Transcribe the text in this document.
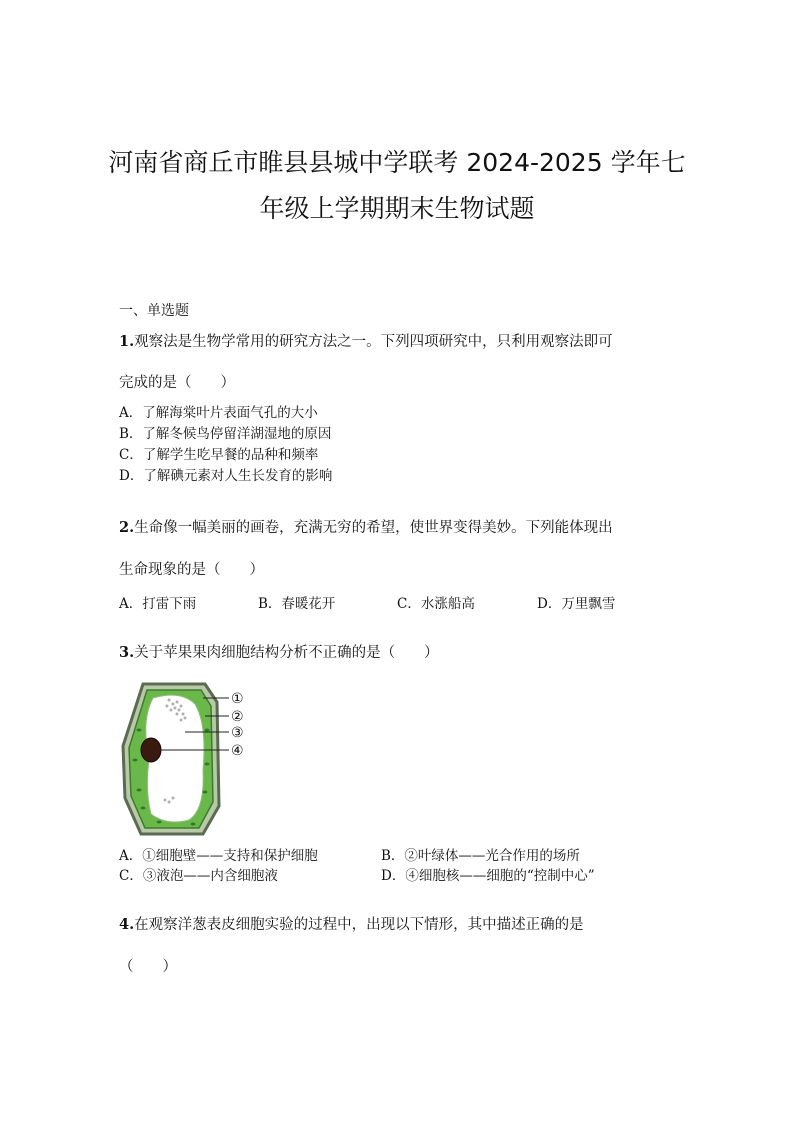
河南省商丘市睢县县城中学联考 2024-2025 学年七
年级上学期期末生物试题
一、单选题
1.观察法是生物学常用的研究方法之一。下列四项研究中，只利用观察法即可
完成的是（　　）
A．了解海棠叶片表面气孔的大小
B．了解冬候鸟停留洋湖湿地的原因
C．了解学生吃早餐的品种和频率
D．了解碘元素对人生长发育的影响
2.生命像一幅美丽的画卷，充满无穷的希望，使世界变得美妙。下列能体现出
生命现象的是（　　）
A．打雷下雨	B．春暖花开	C．水涨船高	D．万里飘雪
3.关于苹果果肉细胞结构分析不正确的是（　　）
①
②
③
④
A．①细胞壁——支持和保护细胞	B．②叶绿体——光合作用的场所
C．③液泡——内含细胞液	D．④细胞核——细胞的“控制中心”
4.在观察洋葱表皮细胞实验的过程中，出现以下情形，其中描述正确的是
（　　）
